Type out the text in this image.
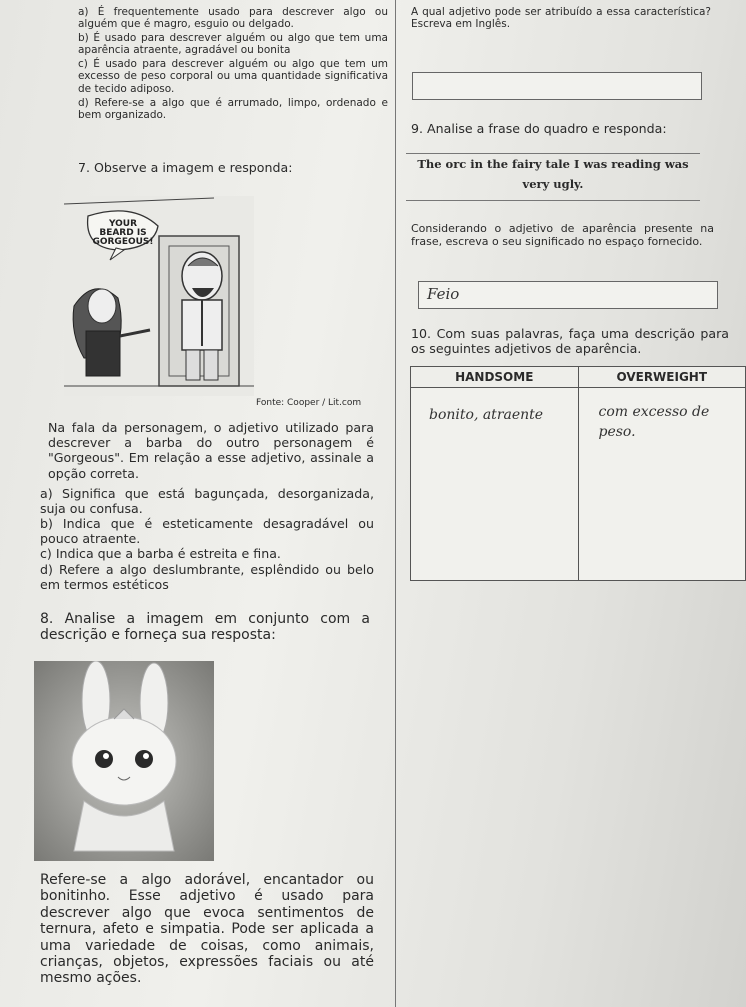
a) É frequentemente usado para descrever algo ou alguém que é magro, esguio ou delgado.
b) É usado para descrever alguém ou algo que tem uma aparência atraente, agradável ou bonita
c) É usado para descrever alguém ou algo que tem um excesso de peso corporal ou uma quantidade significativa de tecido adiposo.
d) Refere-se a algo que é arrumado, limpo, ordenado e bem organizado.
7. Observe a imagem e responda:
YOUR
BEARD IS
GORGEOUS!
Fonte: Cooper / Lit.com
Na fala da personagem, o adjetivo utilizado para descrever a barba do outro personagem é "Gorgeous". Em relação a esse adjetivo, assinale a opção correta.
a) Significa que está bagunçada, desorganizada, suja ou confusa.
b) Indica que é esteticamente desagradável ou pouco atraente.
c) Indica que a barba é estreita e fina.
d) Refere a algo deslumbrante, esplêndido ou belo em termos estéticos
8. Analise a imagem em conjunto com a descrição e forneça sua resposta:
Refere-se a algo adorável, encantador ou bonitinho. Esse adjetivo é usado para descrever algo que evoca sentimentos de ternura, afeto e simpatia. Pode ser aplicada a uma variedade de coisas, como animais, crianças, objetos, expressões faciais ou até mesmo ações.
A qual adjetivo pode ser atribuído a essa característica? Escreva em Inglês.
9. Analise a frase do quadro e responda:
The orc in the fairy tale I was reading was very ugly.
Considerando o adjetivo de aparência presente na frase, escreva o seu significado no espaço fornecido.
Feio
10. Com suas palavras, faça uma descrição para os seguintes adjetivos de aparência.
HANDSOME	OVERWEIGHT

bonito, atraente	com excesso de peso.
